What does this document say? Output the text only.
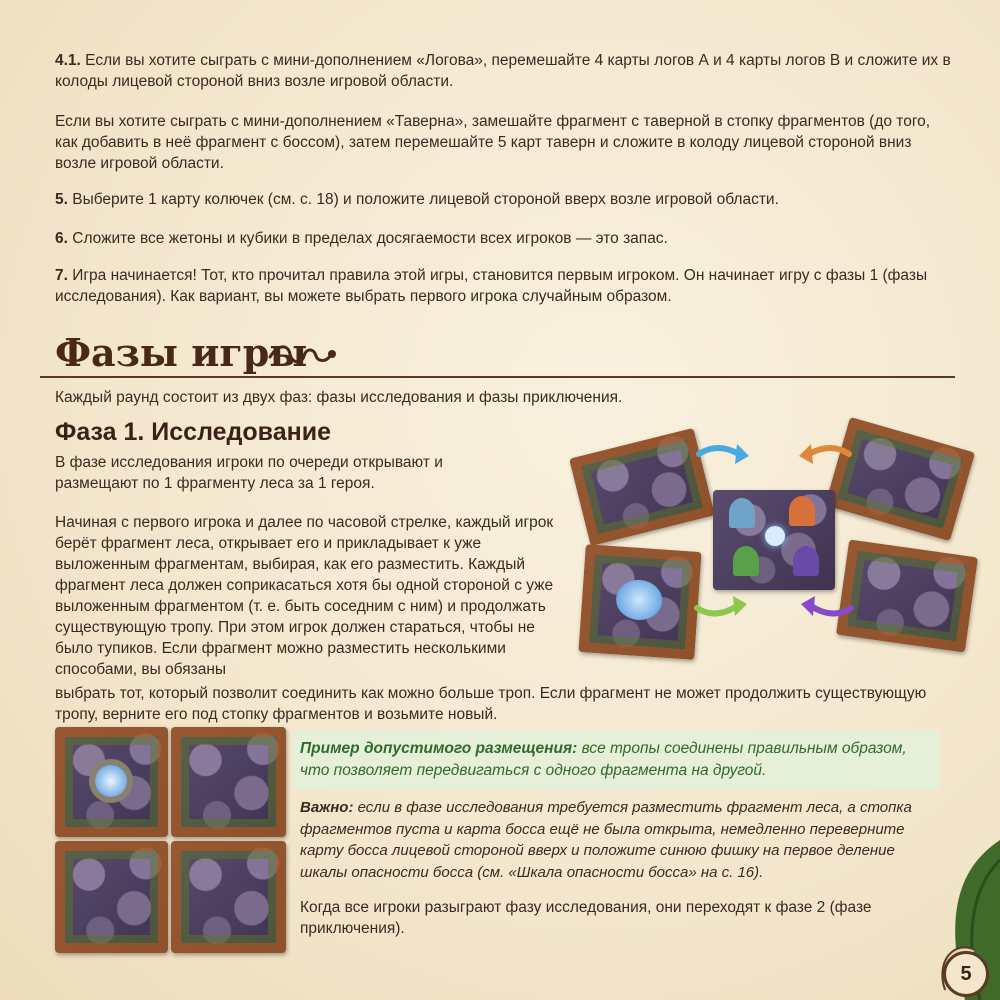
4.1. Если вы хотите сыграть с мини-дополнением «Логова», перемешайте 4 карты логов А и 4 карты логов В и сложите их в колоды лицевой стороной вниз возле игровой области.

Если вы хотите сыграть с мини-дополнением «Таверна», замешайте фрагмент с таверной в стопку фрагментов (до того, как добавить в неё фрагмент с боссом), затем перемешайте 5 карт таверн и сложите в колоду лицевой стороной вниз возле игровой области.

5. Выберите 1 карту колючек (см. с. 18) и положите лицевой стороной вверх возле игровой области.

6. Сложите все жетоны и кубики в пределах досягаемости всех игроков — это запас.

7. Игра начинается! Тот, кто прочитал правила этой игры, становится первым игроком. Он начинает игру с фазы 1 (фазы исследования). Как вариант, вы можете выбрать первого игрока случайным образом.

Фазы игры

Каждый раунд состоит из двух фаз: фазы исследования и фазы приключения.

Фаза 1. Исследование

В фазе исследования игроки по очереди открывают и размещают по 1 фрагменту леса за 1 героя.

Начиная с первого игрока и далее по часовой стрелке, каждый игрок берёт фрагмент леса, открывает его и прикладывает к уже выложенным фрагментам, выбирая, как его разместить. Каждый фрагмент леса должен соприкасаться хотя бы одной стороной с уже выложенным фрагментом (т. е. быть соседним с ним) и продолжать существующую тропу. При этом игрок должен стараться, чтобы не было тупиков. Если фрагмент можно разместить несколькими способами, вы обязаны

выбрать тот, который позволит соединить как можно больше троп. Если фрагмент не может продолжить существующую тропу, верните его под стопку фрагментов и возьмите новый.

Пример допустимого размещения: все тропы соединены правильным образом, что позволяет передвигаться с одного фрагмента на другой.

Важно: если в фазе исследования требуется разместить фрагмент леса, а стопка фрагментов пуста и карта босса ещё не была открыта, немедленно переверните карту босса лицевой стороной вверх и положите синюю фишку на первое деление шкалы опасности босса (см. «Шкала опасности босса» на с. 16).

Когда все игроки разыграют фазу исследования, они переходят к фазе 2 (фазе приключения).

5
